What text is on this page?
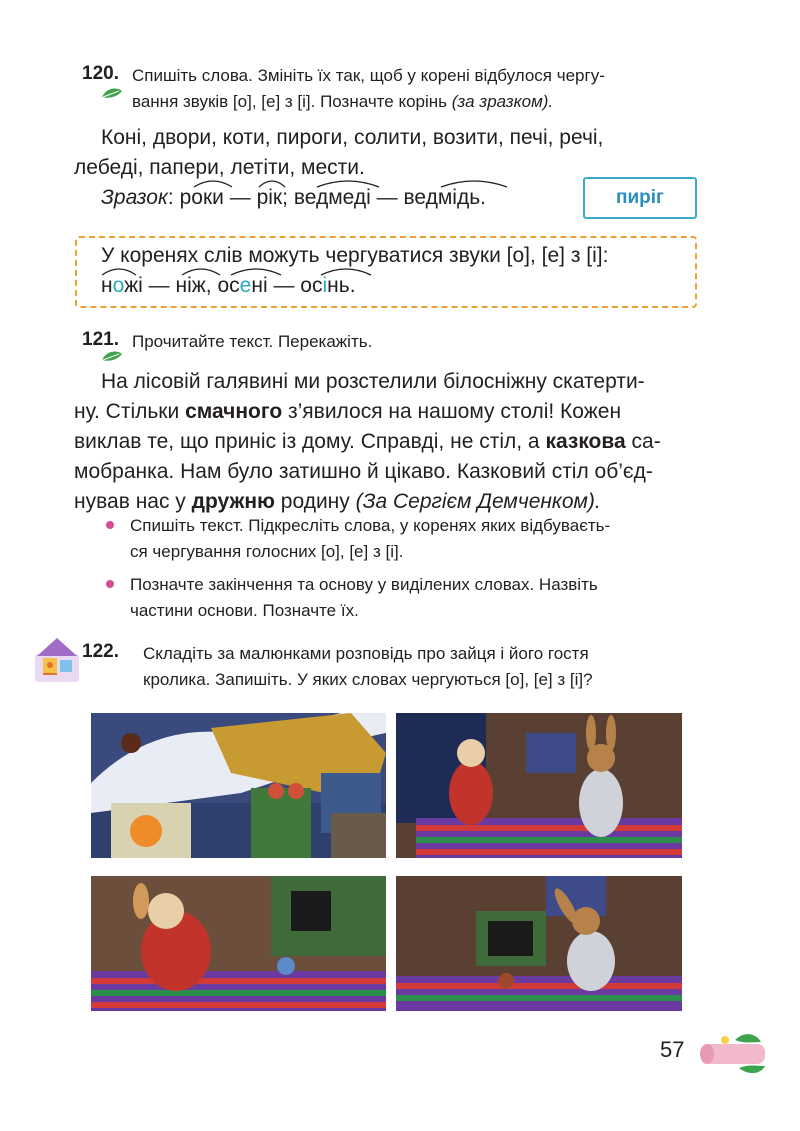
120. Спишіть слова. Змініть їх так, щоб у корені відбулося чергу-
вання звуків [о], [е] з [і]. Позначте корінь (за зразком).
Коні, двори, коти, пироги, солити, возити, печі, речі,
лебеді, папери, летіти, мести.
Зразок: роки — рік; ведмеді — ведмідь.	пиріг
У коренях слів можуть чергуватися звуки [о], [е] з [і]:
ножі — ніж, осені — осінь.
121. Прочитайте текст. Перекажіть.
На лісовій галявині ми розстелили білосніжну скатерти-
ну. Стільки смачного з’явилося на нашому столі! Кожен
виклав те, що приніс із дому. Справді, не стіл, а казкова са-
мобранка. Нам було затишно й цікаво. Казковий стіл об’єд-
нував нас у дружню родину (За Сергієм Демченком).
Спишіть текст. Підкресліть слова, у коренях яких відбуваєть-
ся чергування голосних [о], [е] з [і].
Позначте закінчення та основу у виділених словах. Назвіть
частини основи. Позначте їх.
122. Складіть за малюнками розповідь про зайця і його гостя
кролика. Запишіть. У яких словах чергуються [о], [е] з [і]?
57
